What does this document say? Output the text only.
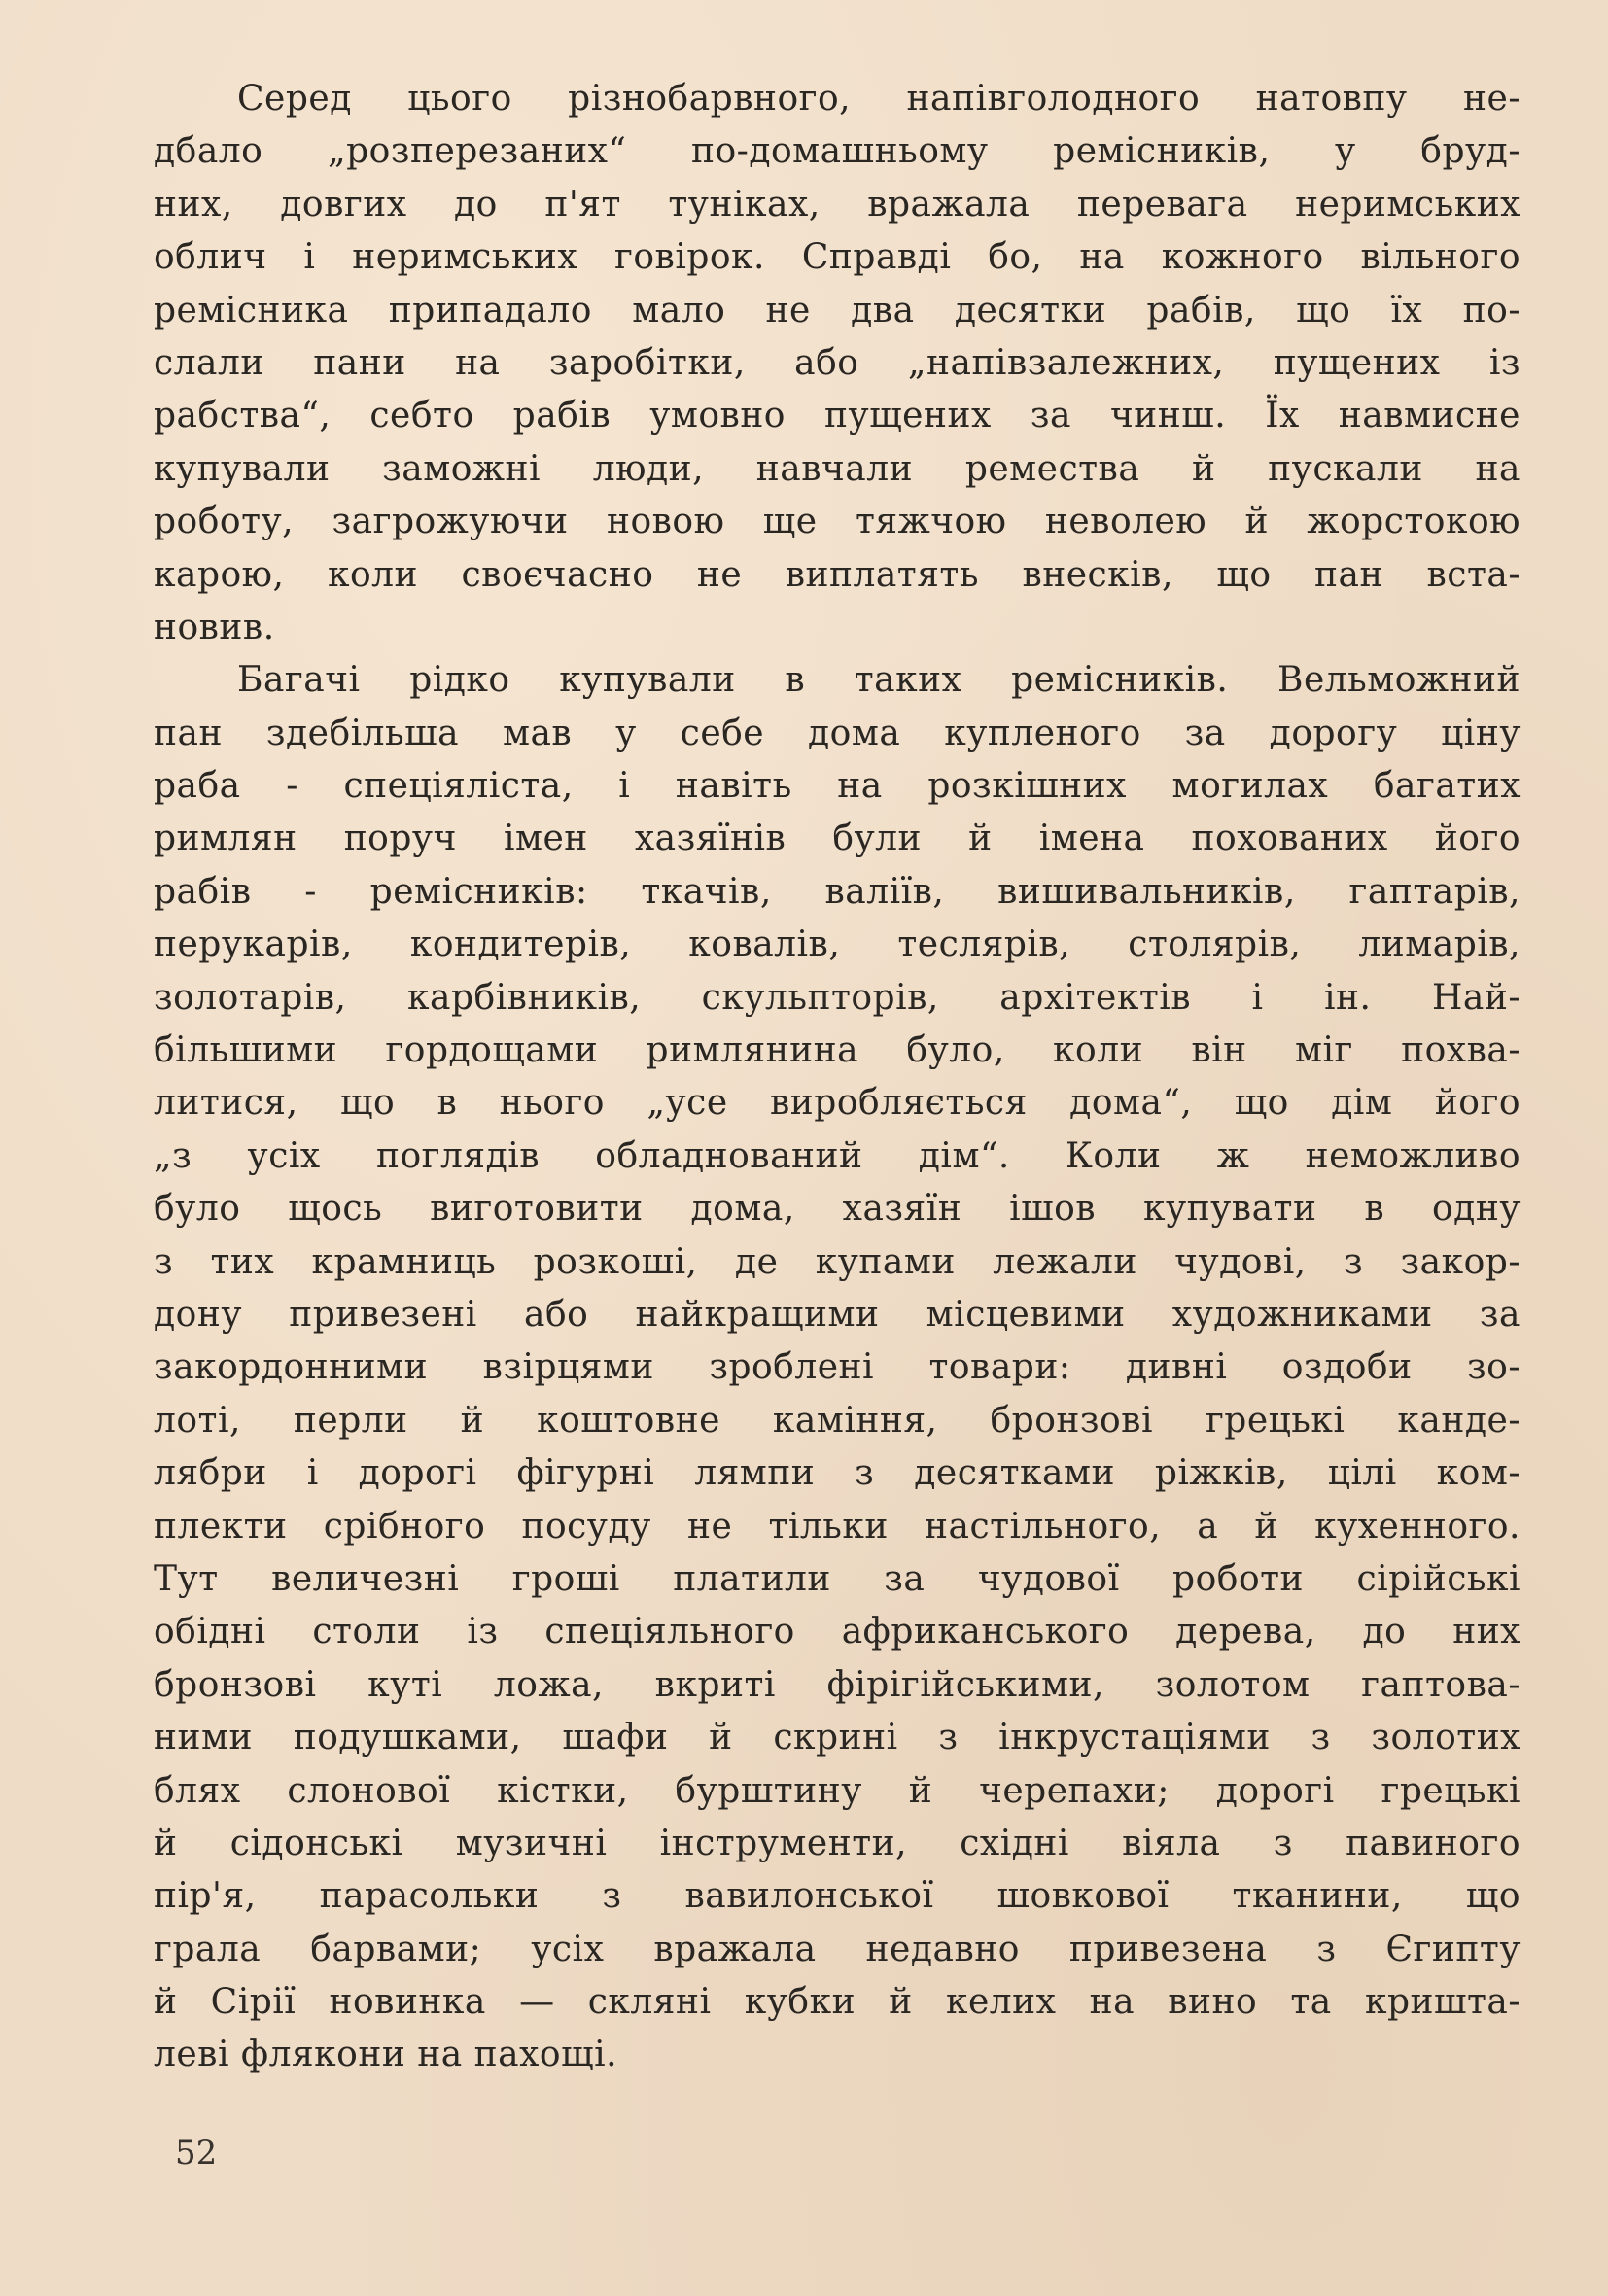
Серед цього різнобарвного, напівголодного натовпу не-
дбало „розперезаних“ по-домашньому ремісників, у бруд-
них, довгих до п'ят туніках, вражала перевага неримських
облич і неримських говірок. Справді бо, на кожного вільного
ремісника припадало мало не два десятки рабів, що їх по-
слали пани на заробітки, або „напівзалежних, пущених із
рабства“, себто рабів умовно пущених за чинш. Їх навмисне
купували заможні люди, навчали ремества й пускали на
роботу, загрожуючи новою ще тяжчою неволею й жорстокою
карою, коли своєчасно не виплатять внесків, що пан вста-
новив.
Багачі рідко купували в таких ремісників. Вельможний
пан здебільша мав у себе дома купленого за дорогу ціну
раба - спеціяліста, і навіть на розкішних могилах багатих
римлян поруч імен хазяїнів були й імена похованих його
рабів - ремісників: ткачів, валіїв, вишивальників, гаптарів,
перукарів, кондитерів, ковалів, теслярів, столярів, лимарів,
золотарів, карбівників, скульпторів, архітектів і ін. Най-
більшими гордощами римлянина було, коли він міг похва-
литися, що в нього „усе виробляється дома“, що дім його
„з усіх поглядів обладнований дім“. Коли ж неможливо
було щось виготовити дома, хазяїн ішов купувати в одну
з тих крамниць розкоші, де купами лежали чудові, з закор-
дону привезені або найкращими місцевими художниками за
закордонними взірцями зроблені товари: дивні оздоби зо-
лоті, перли й коштовне каміння, бронзові грецькі канде-
лябри і дорогі фігурні лямпи з десятками ріжків, цілі ком-
плекти срібного посуду не тільки настільного, а й кухенного.
Тут величезні гроші платили за чудової роботи сірійські
обідні столи із спеціяльного африканського дерева, до них
бронзові куті ложа, вкриті фірігійськими, золотом гаптова-
ними подушками, шафи й скрині з інкрустаціями з золотих
блях слонової кістки, бурштину й черепахи; дорогі грецькі
й сідонські музичні інструменти, східні віяла з павиного
пір'я, парасольки з вавилонської шовкової тканини, що
грала барвами; усіх вражала недавно привезена з Єгипту
й Сірії новинка — скляні кубки й келих на вино та кришта-
леві флякони на пахощі.
52
